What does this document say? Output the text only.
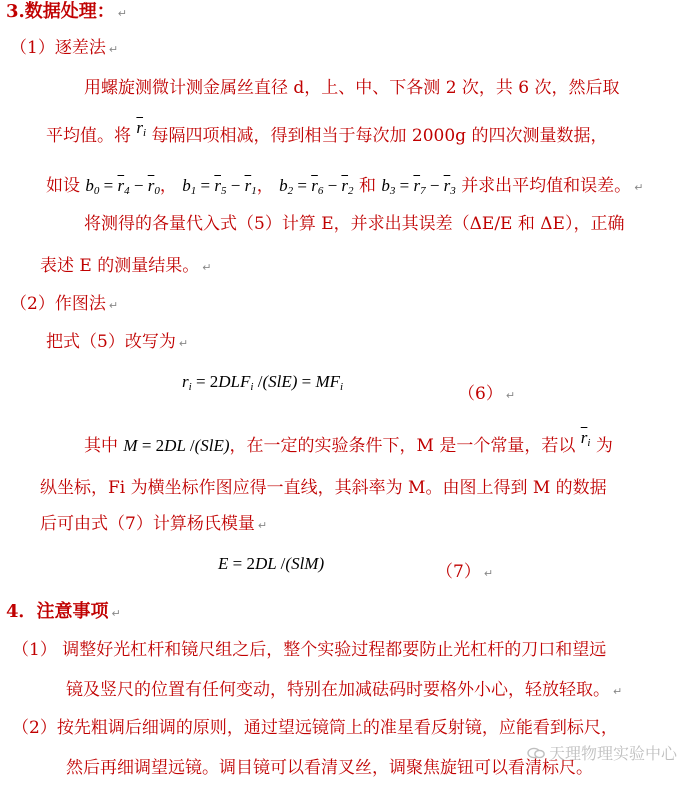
3.数据处理： ↵
（1）逐差法 ↵
用螺旋测微计测金属丝直径 d，上、中、下各测 2 次，共 6 次，然后取
平均值。将 $\overline{r}_i$ 每隔四项相减，得到相当于每次加 2000g 的四次测量数据，
如设 $b_0 = \overline{r}_4 - \overline{r}_0$， $b_1 = \overline{r}_5 - \overline{r}_1$， $b_2 = \overline{r}_6 - \overline{r}_2$ 和 $b_3 = \overline{r}_7 - \overline{r}_3$ 并求出平均值和误差。 ↵
将测得的各量代入式（5）计算 E，并求出其误差（ΔE/E 和 ΔE），正确
表述 E 的测量结果。 ↵
（2）作图法 ↵
把式（5）改写为 ↵
$r_i = 2DLF_i$ $/(SlE) = MF_i$	（6） ↵
其中 M = 2DL /(SlE)，在一定的实验条件下，M 是一个常量，若以 $\overline{r}_i$ 为
纵坐标，Fi 为横坐标作图应得一直线，其斜率为 M。由图上得到 M 的数据
后可由式（7）计算杨氏模量 ↵
E = 2DL /(SlM)	（7） ↵
4．注意事项 ↵
（1） 调整好光杠杆和镜尺组之后，整个实验过程都要防止光杠杆的刀口和望远
镜及竖尺的位置有任何变动，特别在加减砝码时要格外小心，轻放轻取。 ↵
（2）按先粗调后细调的原则，通过望远镜筒上的准星看反射镜，应能看到标尺，
然后再细调望远镜。调目镜可以看清叉丝，调聚焦旋钮可以看清标尺。
天理物理实验中心
